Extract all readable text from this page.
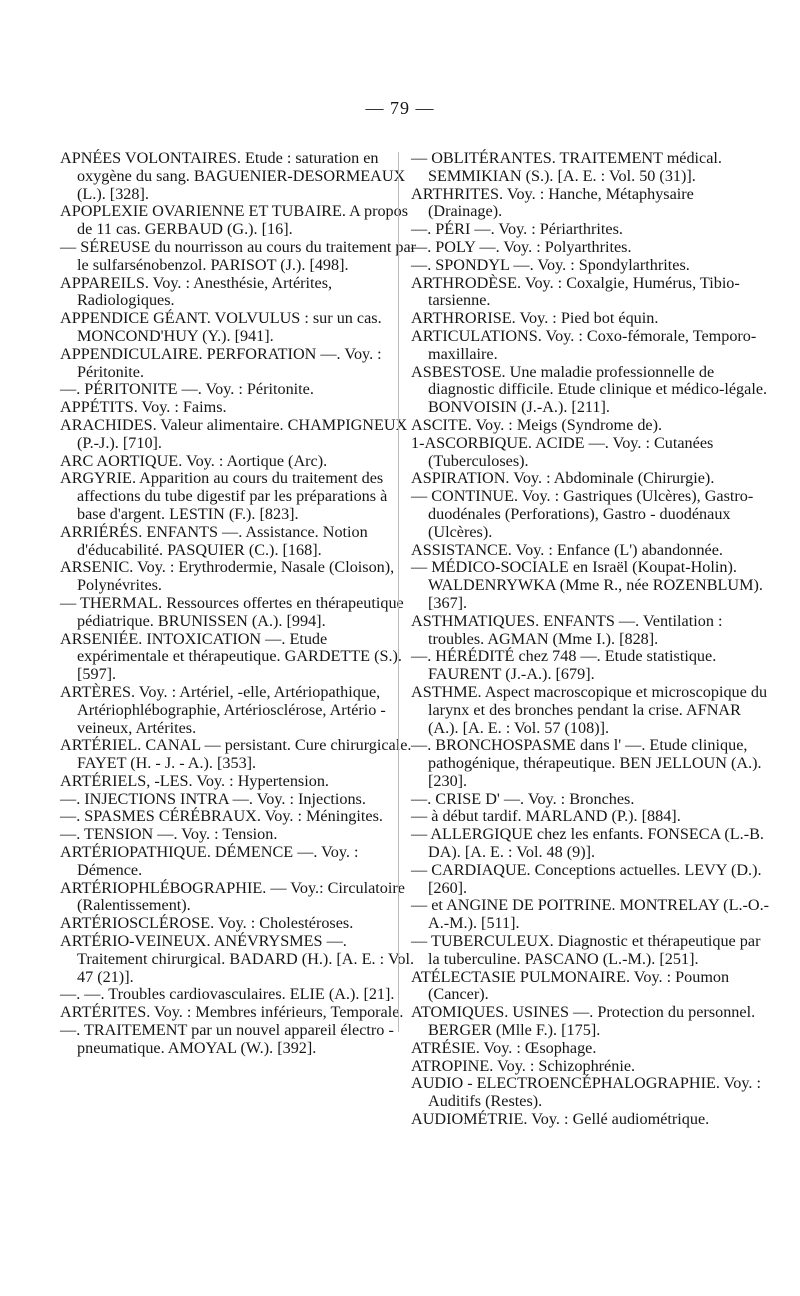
— 79 —
APNÉES VOLONTAIRES. Etude : saturation en oxygène du sang. BAGUENIER-DESORMEAUX (L.). [328].
APOPLEXIE OVARIENNE ET TUBAIRE. A propos de 11 cas. GERBAUD (G.). [16].
— SÉREUSE du nourrisson au cours du traitement par le sulfarsénobenzol. PARISOT (J.). [498].
APPAREILS. Voy. : Anesthésie, Artérites, Radiologiques.
APPENDICE GÉANT. VOLVULUS : sur un cas. MONCOND'HUY (Y.). [941].
APPENDICULAIRE. PERFORATION —. Voy. : Péritonite.
—. PÉRITONITE —. Voy. : Péritonite.
APPÉTITS. Voy. : Faims.
ARACHIDES. Valeur alimentaire. CHAMPIGNEUX (P.-J.). [710].
ARC AORTIQUE. Voy. : Aortique (Arc).
ARGYRIE. Apparition au cours du traitement des affections du tube digestif par les préparations à base d'argent. LESTIN (F.). [823].
ARRIÉRÉS. ENFANTS —. Assistance. Notion d'éducabilité. PASQUIER (C.). [168].
ARSENIC. Voy. : Erythrodermie, Nasale (Cloison), Polynévrites.
— THERMAL. Ressources offertes en thérapeutique pédiatrique. BRUNISSEN (A.). [994].
ARSENIÉE. INTOXICATION —. Etude expérimentale et thérapeutique. GARDETTE (S.). [597].
ARTÈRES. Voy. : Artériel, -elle, Artériopathique, Artériophlébographie, Artériosclérose, Artério - veineux, Artérites.
ARTÉRIEL. CANAL — persistant. Cure chirurgicale. FAYET (H. - J. - A.). [353].
ARTÉRIELS, -LES. Voy. : Hypertension.
—. INJECTIONS INTRA —. Voy. : Injections.
—. SPASMES CÉRÉBRAUX. Voy. : Méningites.
—. TENSION —. Voy. : Tension.
ARTÉRIOPATHIQUE. DÉMENCE —. Voy. : Démence.
ARTÉRIOPHLÉBOGRAPHIE. — Voy.: Circulatoire (Ralentissement).
ARTÉRIOSCLÉROSE. Voy. : Cholestéroses.
ARTÉRIO-VEINEUX. ANÉVRYSMES —. Traitement chirurgical. BADARD (H.). [A. E. : Vol. 47 (21)].
—. —. Troubles cardiovasculaires. ELIE (A.). [21].
ARTÉRITES. Voy. : Membres inférieurs, Temporale.
—. TRAITEMENT par un nouvel appareil électro - pneumatique. AMOYAL (W.). [392].
— OBLITÉRANTES. TRAITEMENT médical. SEMMIKIAN (S.). [A. E. : Vol. 50 (31)].
ARTHRITES. Voy. : Hanche, Métaphysaire (Drainage).
—. PÉRI —. Voy. : Périarthrites.
—. POLY —. Voy. : Polyarthrites.
—. SPONDYL —. Voy. : Spondylarthrites.
ARTHRODÈSE. Voy. : Coxalgie, Humérus, Tibio-tarsienne.
ARTHRORISE. Voy. : Pied bot équin.
ARTICULATIONS. Voy. : Coxo-fémorale, Temporo-maxillaire.
ASBESTOSE. Une maladie professionnelle de diagnostic difficile. Etude clinique et médico-légale. BONVOISIN (J.-A.). [211].
ASCITE. Voy. : Meigs (Syndrome de).
1-ASCORBIQUE. ACIDE —. Voy. : Cutanées (Tuberculoses).
ASPIRATION. Voy. : Abdominale (Chirurgie).
— CONTINUE. Voy. : Gastriques (Ulcères), Gastro-duodénales (Perforations), Gastro - duodénaux (Ulcères).
ASSISTANCE. Voy. : Enfance (L') abandonnée.
— MÉDICO-SOCIALE en Israël (Koupat-Holin). WALDENRYWKA (Mme R., née ROZENBLUM). [367].
ASTHMATIQUES. ENFANTS —. Ventilation : troubles. AGMAN (Mme I.). [828].
—. HÉRÉDITÉ chez 748 —. Etude statistique. FAURENT (J.-A.). [679].
ASTHME. Aspect macroscopique et microscopique du larynx et des bronches pendant la crise. AFNAR (A.). [A. E. : Vol. 57 (108)].
—. BRONCHOSPASME dans l' —. Etude clinique, pathogénique, thérapeutique. BEN JELLOUN (A.). [230].
—. CRISE D' —. Voy. : Bronches.
— à début tardif. MARLAND (P.). [884].
— ALLERGIQUE chez les enfants. FONSECA (L.-B. DA). [A. E. : Vol. 48 (9)].
— CARDIAQUE. Conceptions actuelles. LEVY (D.). [260].
— et ANGINE DE POITRINE. MONTRELAY (L.-O.-A.-M.). [511].
— TUBERCULEUX. Diagnostic et thérapeutique par la tuberculine. PASCANO (L.-M.). [251].
ATÉLECTASIE PULMONAIRE. Voy. : Poumon (Cancer).
ATOMIQUES. USINES —. Protection du personnel. BERGER (Mlle F.). [175].
ATRÉSIE. Voy. : Œsophage.
ATROPINE. Voy. : Schizophrénie.
AUDIO - ELECTROENCÉPHALOGRAPHIE. Voy. : Auditifs (Restes).
AUDIOMÉTRIE. Voy. : Gellé audiométrique.
